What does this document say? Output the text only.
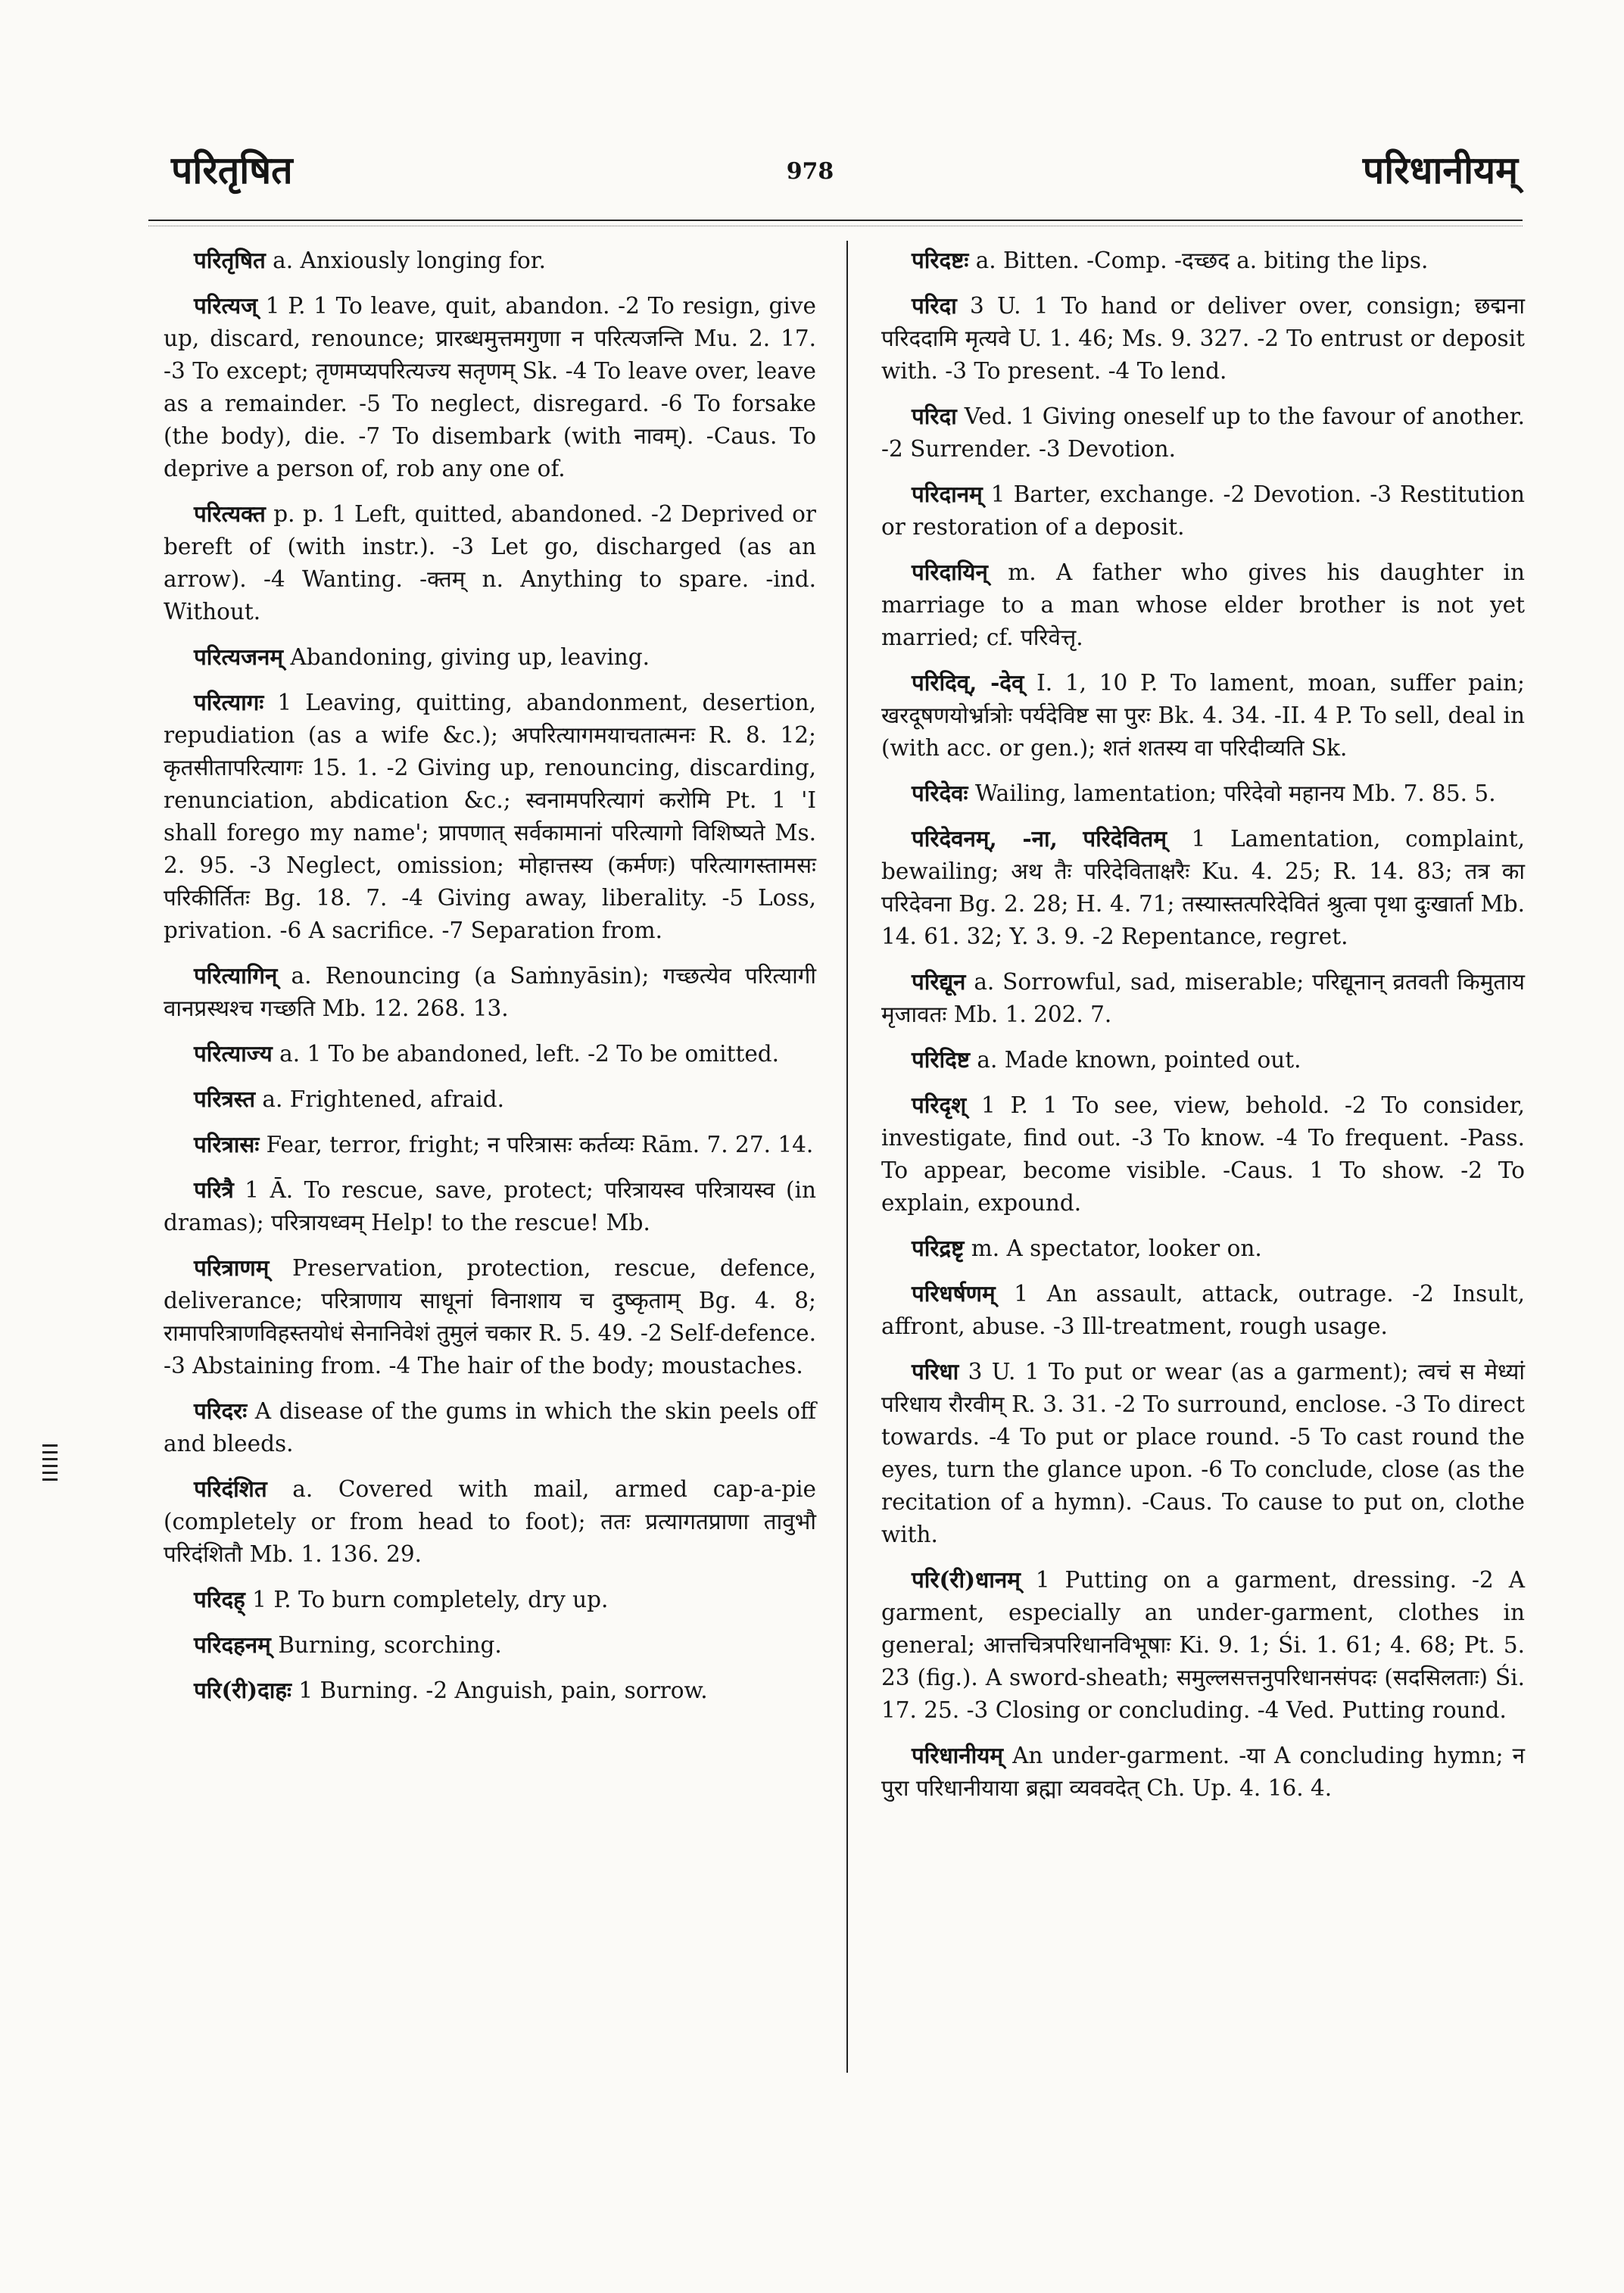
परितृषित	978	परिधानीयम्

परितृषित a. Anxiously longing for.

परित्यज् 1 P. 1 To leave, quit, abandon. -2 To resign, give up, discard, renounce; प्रारब्धमुत्तमगुणा न परित्यजन्ति Mu. 2. 17. -3 To except; तृणमप्यपरित्यज्य सतृणम् Sk. -4 To leave over, leave as a remainder. -5 To neglect, disregard. -6 To forsake (the body), die. -7 To disembark (with नावम्). -Caus. To deprive a person of, rob any one of.

परित्यक्त p. p. 1 Left, quitted, abandoned. -2 Deprived or bereft of (with instr.). -3 Let go, discharged (as an arrow). -4 Wanting. -क्तम् n. Anything to spare. -ind. Without.

परित्यजनम् Abandoning, giving up, leaving.

परित्यागः 1 Leaving, quitting, abandonment, desertion, repudiation (as a wife &c.); अपरित्यागमयाचतात्मनः R. 8. 12; कृतसीतापरित्यागः 15. 1. -2 Giving up, renouncing, discarding, renunciation, abdication &c.; स्वनामपरित्यागं करोमि Pt. 1 'I shall forego my name'; प्रापणात् सर्वकामानां परित्यागो विशिष्यते Ms. 2. 95. -3 Neglect, omission; मोहात्तस्य (कर्मणः) परित्यागस्तामसः परिकीर्तितः Bg. 18. 7. -4 Giving away, liberality. -5 Loss, privation. -6 A sacrifice. -7 Separation from.

परित्यागिन् a. Renouncing (a Saṁnyāsin); गच्छत्येव परित्यागी वानप्रस्थश्च गच्छति Mb. 12. 268. 13.

परित्याज्य a. 1 To be abandoned, left. -2 To be omitted.

परित्रस्त a. Frightened, afraid.

परित्रासः Fear, terror, fright; न परित्रासः कर्तव्यः Rām. 7. 27. 14.

परित्रै 1 Ā. To rescue, save, protect; परित्रायस्व परित्रायस्व (in dramas); परित्रायध्वम् Help! to the rescue! Mb.

परित्राणम् Preservation, protection, rescue, defence, deliverance; परित्राणाय साधूनां विनाशाय च दुष्कृताम् Bg. 4. 8; रामापरित्राणविहस्तयोधं सेनानिवेशं तुमुलं चकार R. 5. 49. -2 Self-defence. -3 Abstaining from. -4 The hair of the body; moustaches.

परिदरः A disease of the gums in which the skin peels off and bleeds.

परिदंशित a. Covered with mail, armed cap-a-pie (completely or from head to foot); ततः प्रत्यागतप्राणा तावुभौ परिदंशितौ Mb. 1. 136. 29.

परिदह् 1 P. To burn completely, dry up.

परिदहनम् Burning, scorching.

परि(री)दाहः 1 Burning. -2 Anguish, pain, sorrow.

परिदष्टः a. Bitten. -Comp. -दच्छद a. biting the lips.

परिदा 3 U. 1 To hand or deliver over, consign; छद्मना परिददामि मृत्यवे U. 1. 46; Ms. 9. 327. -2 To entrust or deposit with. -3 To present. -4 To lend.

परिदा Ved. 1 Giving oneself up to the favour of another. -2 Surrender. -3 Devotion.

परिदानम् 1 Barter, exchange. -2 Devotion. -3 Restitution or restoration of a deposit.

परिदायिन् m. A father who gives his daughter in marriage to a man whose elder brother is not yet married; cf. परिवेत्तृ.

परिदिव्, -देव् I. 1, 10 P. To lament, moan, suffer pain; खरदूषणयोर्भ्रात्रोः पर्यदेविष्ट सा पुरः Bk. 4. 34. -II. 4 P. To sell, deal in (with acc. or gen.); शतं शतस्य वा परिदीव्यति Sk.

परिदेवः Wailing, lamentation; परिदेवो महानय Mb. 7. 85. 5.

परिदेवनम्, -ना, परिदेवितम् 1 Lamentation, complaint, bewailing; अथ तैः परिदेविताक्षरैः Ku. 4. 25; R. 14. 83; तत्र का परिदेवना Bg. 2. 28; H. 4. 71; तस्यास्तत्परिदेवितं श्रुत्वा पृथा दुःखार्ता Mb. 14. 61. 32; Y. 3. 9. -2 Repentance, regret.

परिद्यून a. Sorrowful, sad, miserable; परिद्यूनान् व्रतवती किमुताय मृजावतः Mb. 1. 202. 7.

परिदिष्ट a. Made known, pointed out.

परिदृश् 1 P. 1 To see, view, behold. -2 To consider, investigate, find out. -3 To know. -4 To frequent. -Pass. To appear, become visible. -Caus. 1 To show. -2 To explain, expound.

परिद्रष्टृ m. A spectator, looker on.

परिधर्षणम् 1 An assault, attack, outrage. -2 Insult, affront, abuse. -3 Ill-treatment, rough usage.

परिधा 3 U. 1 To put or wear (as a garment); त्वचं स मेध्यां परिधाय रौरवीम् R. 3. 31. -2 To surround, enclose. -3 To direct towards. -4 To put or place round. -5 To cast round the eyes, turn the glance upon. -6 To conclude, close (as the recitation of a hymn). -Caus. To cause to put on, clothe with.

परि(री)धानम् 1 Putting on a garment, dressing. -2 A garment, especially an under-garment, clothes in general; आत्तचित्रपरिधानविभूषाः Ki. 9. 1; Śi. 1. 61; 4. 68; Pt. 5. 23 (fig.). A sword-sheath; समुल्लसत्तनुपरिधानसंपदः (सदसिलताः) Śi. 17. 25. -3 Closing or concluding. -4 Ved. Putting round.

परिधानीयम् An under-garment. -या A concluding hymn; न पुरा परिधानीयाया ब्रह्मा व्यववदेत् Ch. Up. 4. 16. 4.
